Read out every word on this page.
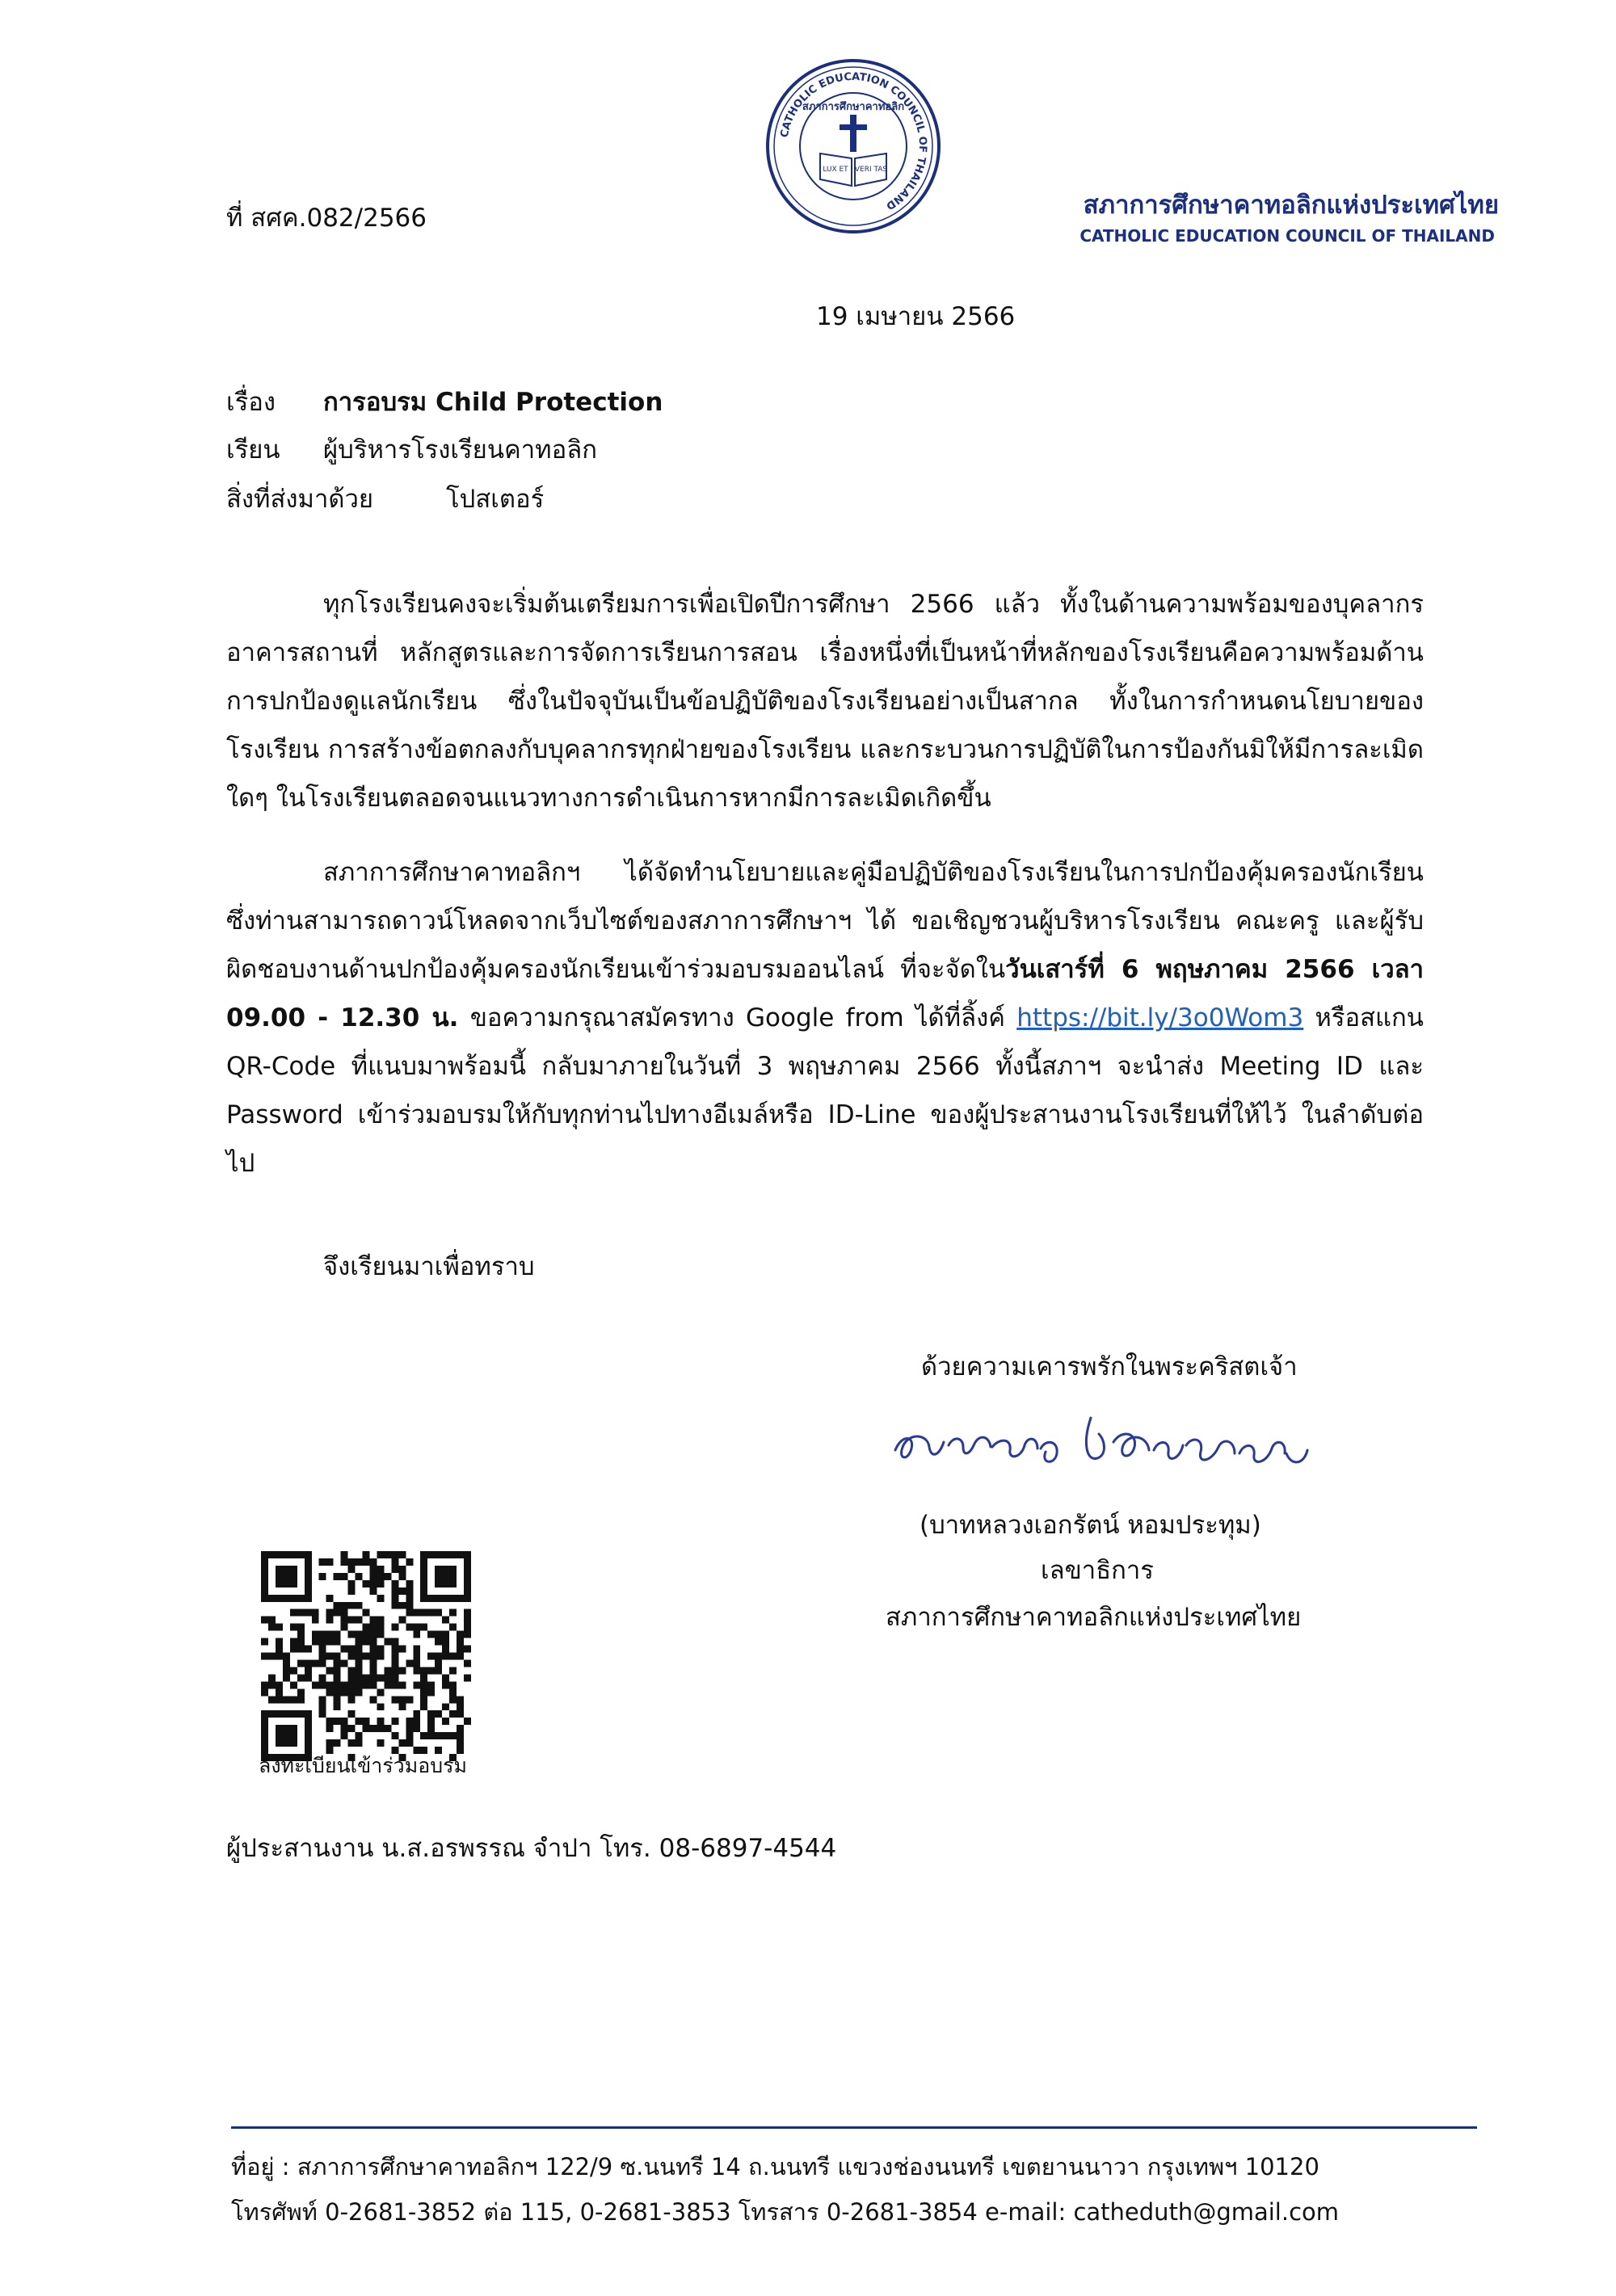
CATHOLIC EDUCATION COUNCIL OF THAILAND
สภาการศึกษาคาทอลิก
LUX ET VERI TAS
สภาการศึกษาคาทอลิกแห่งประเทศไทย
CATHOLIC EDUCATION COUNCIL OF THAILAND
ที่ สศค.082/2566
19 เมษายน 2566
เรื่อง การอบรม Child Protection
เรียน ผู้บริหารโรงเรียนคาทอลิก
สิ่งที่ส่งมาด้วย	โปสเตอร์

ทุกโรงเรียนคงจะเริ่มต้นเตรียมการเพื่อเปิดปีการศึกษา 2566 แล้ว ทั้งในด้านความพร้อมของบุคลากร อาคารสถานที่ หลักสูตรและการจัดการเรียนการสอน เรื่องหนึ่งที่เป็นหน้าที่หลักของโรงเรียนคือความพร้อมด้านการปกป้องดูแลนักเรียน ซึ่งในปัจจุบันเป็นข้อปฏิบัติของโรงเรียนอย่างเป็นสากล ทั้งในการกำหนดนโยบายของโรงเรียน การสร้างข้อตกลงกับบุคลากรทุกฝ่ายของโรงเรียน และกระบวนการปฏิบัติในการป้องกันมิให้มีการละเมิดใดๆ ในโรงเรียนตลอดจนแนวทางการดำเนินการหากมีการละเมิดเกิดขึ้น

สภาการศึกษาคาทอลิกฯ ได้จัดทำนโยบายและคู่มือปฏิบัติของโรงเรียนในการปกป้องคุ้มครองนักเรียน ซึ่งท่านสามารถดาวน์โหลดจากเว็บไซต์ของสภาการศึกษาฯ ได้ ขอเชิญชวนผู้บริหารโรงเรียน คณะครู และผู้รับผิดชอบงานด้านปกป้องคุ้มครองนักเรียนเข้าร่วมอบรมออนไลน์ ที่จะจัดในวันเสาร์ที่ 6 พฤษภาคม 2566 เวลา 09.00 - 12.30 น. ขอความกรุณาสมัครทาง Google from ได้ที่ลิ้งค์ https://bit.ly/3o0Wom3 หรือสแกน QR-Code ที่แนบมาพร้อมนี้ กลับมาภายในวันที่ 3 พฤษภาคม 2566 ทั้งนี้สภาฯ จะนำส่ง Meeting ID และ Password เข้าร่วมอบรมให้กับทุกท่านไปทางอีเมล์หรือ ID-Line ของผู้ประสานงานโรงเรียนที่ให้ไว้ ในลำดับต่อไป

จึงเรียนมาเพื่อทราบ
ด้วยความเคารพรักในพระคริสตเจ้า
(บาทหลวงเอกรัตน์ หอมประทุม)
เลขาธิการ
สภาการศึกษาคาทอลิกแห่งประเทศไทย
ลงทะเบียนเข้าร่วมอบรม
ผู้ประสานงาน น.ส.อรพรรณ จำปา โทร. 08-6897-4544
ที่อยู่ : สภาการศึกษาคาทอลิกฯ 122/9 ซ.นนทรี 14 ถ.นนทรี แขวงช่องนนทรี เขตยานนาวา กรุงเทพฯ 10120
โทรศัพท์ 0-2681-3852 ต่อ 115, 0-2681-3853 โทรสาร 0-2681-3854 e-mail: catheduth@gmail.com
